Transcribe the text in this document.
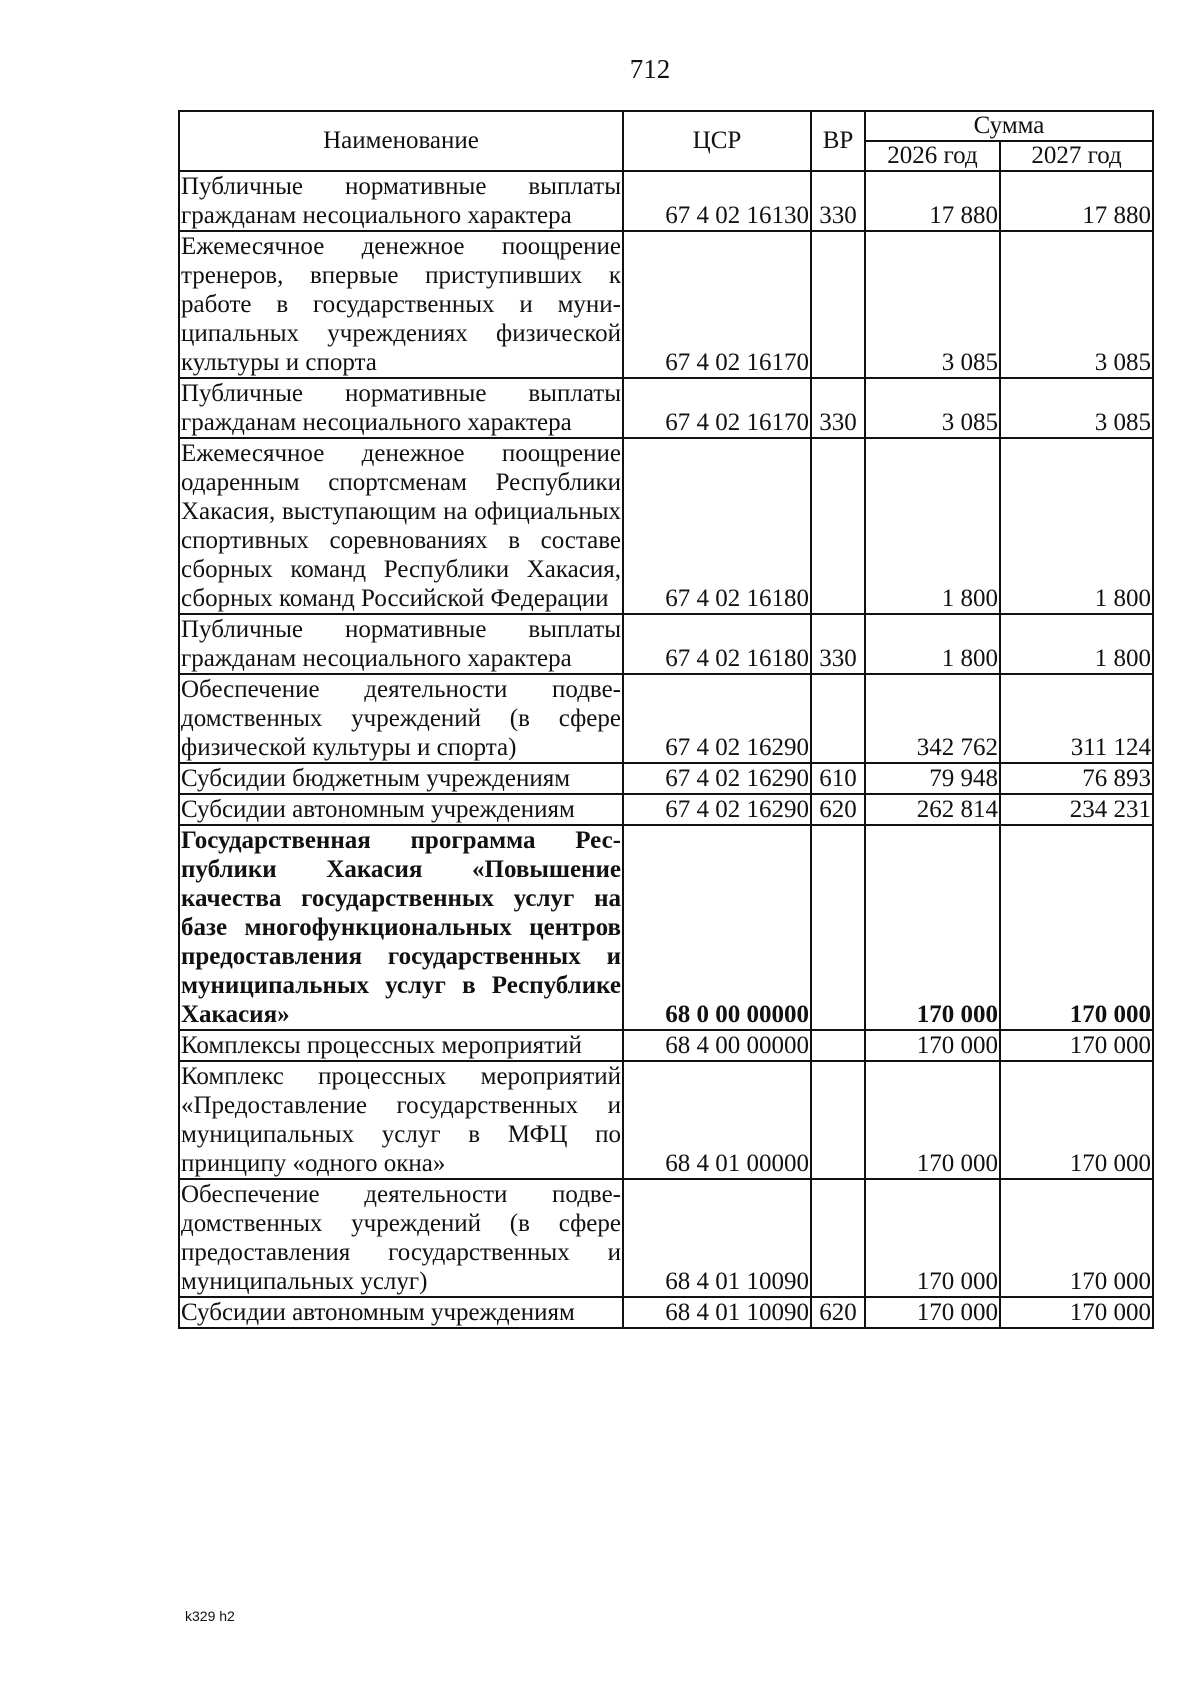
712
Наименование	ЦСР	ВР	Сумма	
			2026 год	2027 год
Публичные нормативные выплаты гражданам несоциального характера	67 4 02 16130	330	17 880	17 880
Ежемесячное денежное поощрение тренеров, впервые приступивших к работе в государственных и муниципальных учреждениях физической культуры и спорта	67 4 02 16170		3 085	3 085
Публичные нормативные выплаты гражданам несоциального характера	67 4 02 16170	330	3 085	3 085
Ежемесячное денежное поощрение одаренным спортсменам Республики Хакасия, выступающим на официальных спортивных соревнованиях в составе сборных команд Республики Хакасия, сборных команд Российской Федерации	67 4 02 16180		1 800	1 800
Публичные нормативные выплаты гражданам несоциального характера	67 4 02 16180	330	1 800	1 800
Обеспечение деятельности подведомственных учреждений (в сфере физической культуры и спорта)	67 4 02 16290		342 762	311 124
Субсидии бюджетным учреждениям	67 4 02 16290	610	79 948	76 893
Субсидии автономным учреждениям	67 4 02 16290	620	262 814	234 231
Государственная программа Республики Хакасия «Повышение качества государственных услуг на базе многофункциональных центров предоставления государственных и муниципальных услуг в Республике Хакасия»	68 0 00 00000		170 000	170 000
Комплексы процессных мероприятий	68 4 00 00000		170 000	170 000
Комплекс процессных мероприятий «Предоставление государственных и муниципальных услуг в МФЦ по принципу «одного окна»	68 4 01 00000		170 000	170 000
Обеспечение деятельности подведомственных учреждений (в сфере предоставления государственных и муниципальных услуг)	68 4 01 10090		170 000	170 000
Субсидии автономным учреждениям	68 4 01 10090	620	170 000	170 000
k329 h2
